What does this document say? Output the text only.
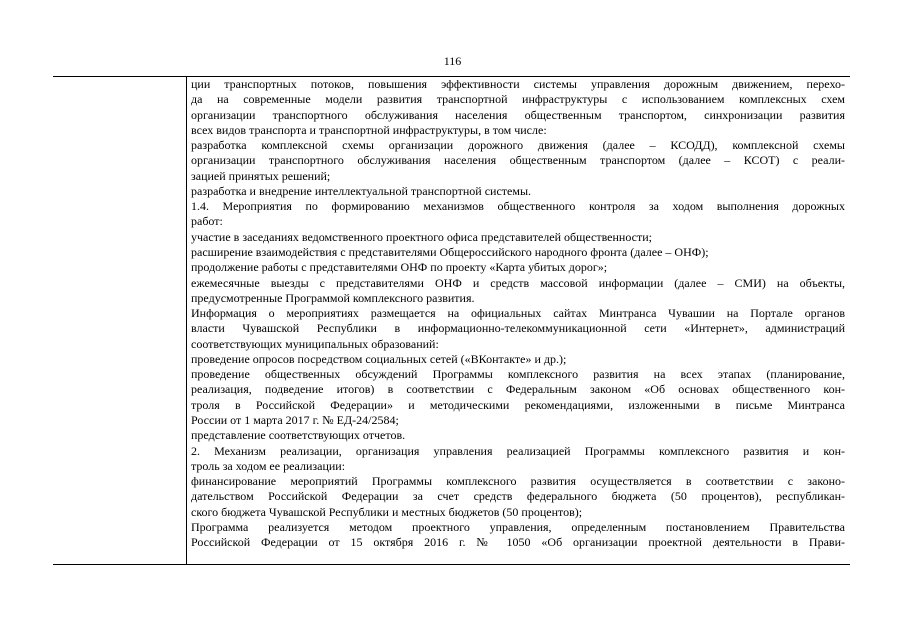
116
ции транспортных потоков, повышения эффективности системы управления дорожным движением, перехо-
да на современные модели развития транспортной инфраструктуры с использованием комплексных схем
организации транспортного обслуживания населения общественным транспортом, синхронизации развития
всех видов транспорта и транспортной инфраструктуры, в том числе:
разработка комплексной схемы организации дорожного движения (далее – КСОДД), комплексной схемы
организации транспортного обслуживания населения общественным транспортом (далее – КСОТ) с реали-
зацией принятых решений;
разработка и внедрение интеллектуальной транспортной системы.
1.4. Мероприятия по формированию механизмов общественного контроля за ходом выполнения дорожных
работ:
участие в заседаниях ведомственного проектного офиса представителей общественности;
расширение взаимодействия с представителями Общероссийского народного фронта (далее – ОНФ);
продолжение работы с представителями ОНФ по проекту «Карта убитых дорог»;
ежемесячные выезды с представителями ОНФ и средств массовой информации (далее – СМИ) на объекты,
предусмотренные Программой комплексного развития.
Информация о мероприятиях размещается на официальных сайтах Минтранса Чувашии на Портале органов
власти Чувашской Республики в информационно-телекоммуникационной сети «Интернет», администраций
соответствующих муниципальных образований:
проведение опросов посредством социальных сетей («ВКонтакте» и др.);
проведение общественных обсуждений Программы комплексного развития на всех этапах (планирование,
реализация, подведение итогов) в соответствии с Федеральным законом «Об основах общественного кон-
троля в Российской Федерации» и методическими рекомендациями, изложенными в письме Минтранса
России от 1 марта 2017 г. № ЕД-24/2584;
представление соответствующих отчетов.
2. Механизм реализации, организация управления реализацией Программы комплексного развития и кон-
троль за ходом ее реализации:
финансирование мероприятий Программы комплексного развития осуществляется в соответствии с законо-
дательством Российской Федерации за счет средств федерального бюджета (50 процентов), республикан-
ского бюджета Чувашской Республики и местных бюджетов (50 процентов);
Программа реализуется методом проектного управления, определенным постановлением Правительства
Российской Федерации от 15 октября 2016 г. № 1050 «Об организации проектной деятельности в Прави-
